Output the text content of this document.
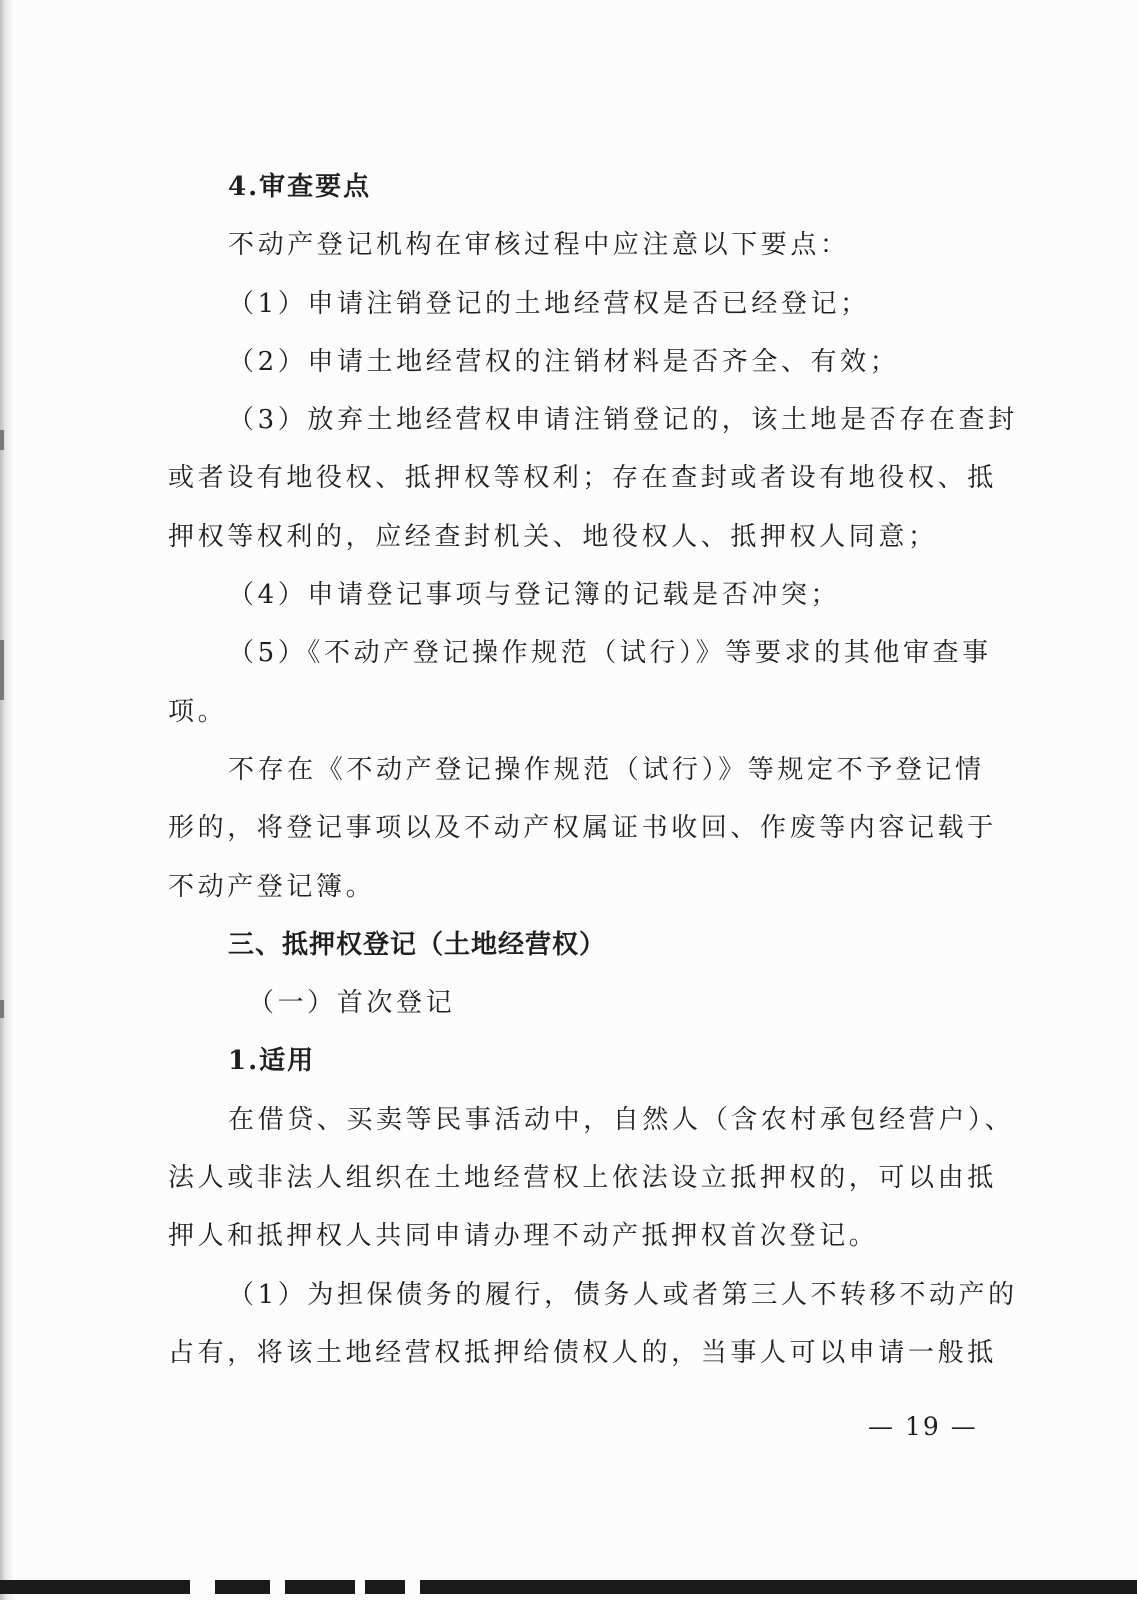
4.审查要点
不动产登记机构在审核过程中应注意以下要点：
（1）申请注销登记的土地经营权是否已经登记；
（2）申请土地经营权的注销材料是否齐全、有效；
（3）放弃土地经营权申请注销登记的，该土地是否存在查封
或者设有地役权、抵押权等权利；存在查封或者设有地役权、抵
押权等权利的，应经查封机关、地役权人、抵押权人同意；
（4）申请登记事项与登记簿的记载是否冲突；
（5）《不动产登记操作规范（试行）》等要求的其他审查事
项。
不存在《不动产登记操作规范（试行）》等规定不予登记情
形的，将登记事项以及不动产权属证书收回、作废等内容记载于
不动产登记簿。
三、抵押权登记（土地经营权）
（一）首次登记
1.适用
在借贷、买卖等民事活动中，自然人（含农村承包经营户）、
法人或非法人组织在土地经营权上依法设立抵押权的，可以由抵
押人和抵押权人共同申请办理不动产抵押权首次登记。
（1）为担保债务的履行，债务人或者第三人不转移不动产的
占有，将该土地经营权抵押给债权人的，当事人可以申请一般抵
— 19 —
